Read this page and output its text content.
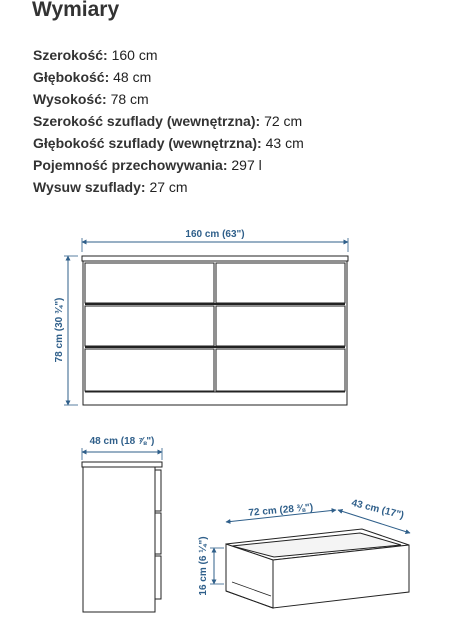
Wymiary
Szerokość: 160 cm
Głębokość: 48 cm
Wysokość: 78 cm
Szerokość szuflady (wewnętrzna): 72 cm
Głębokość szuflady (wewnętrzna): 43 cm
Pojemność przechowywania: 297 l
Wysuw szuflady: 27 cm
160 cm (63")
78 cm (30 ¾")
48 cm (18 ⅞")
72 cm (28 ⅜")	43 cm (17")
16 cm (6 ¼")
